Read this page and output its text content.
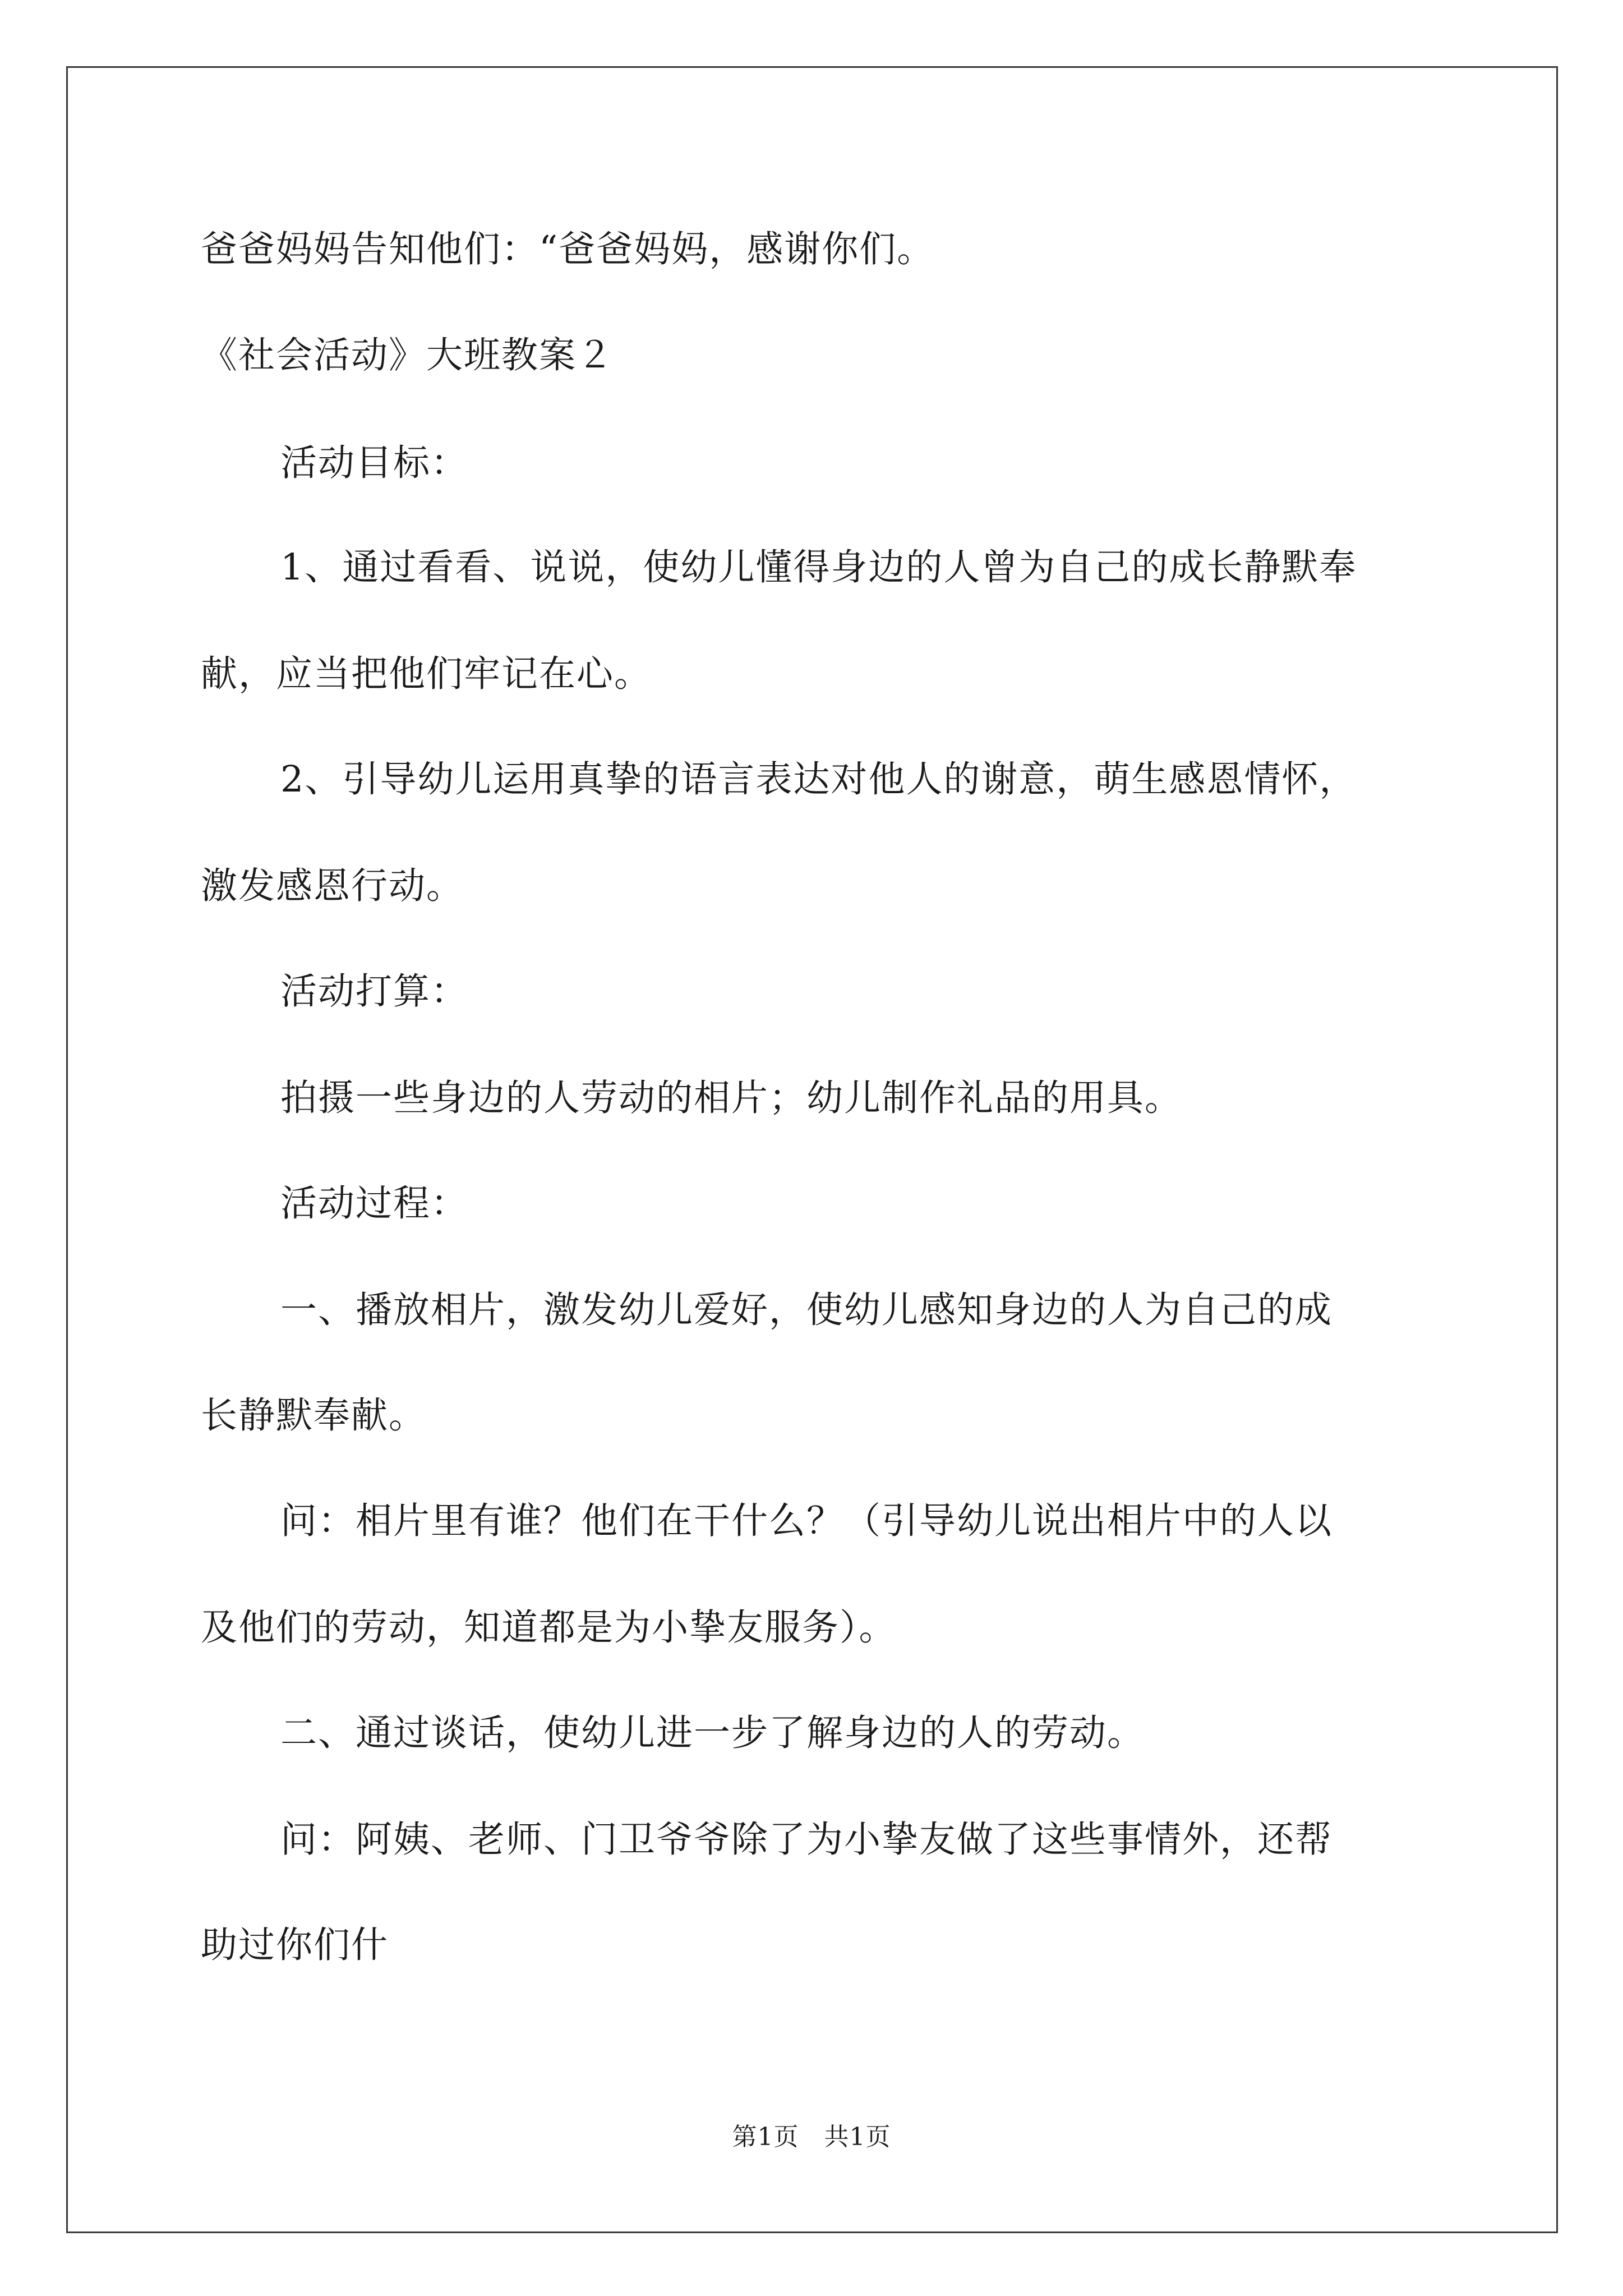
爸爸妈妈告知他们：“爸爸妈妈，感谢你们。
《社会活动》大班教案２
活动目标：
1、通过看看、说说，使幼儿懂得身边的人曾为自己的成长静默奉
献，应当把他们牢记在心。
2、引导幼儿运用真挚的语言表达对他人的谢意，萌生感恩情怀，
激发感恩行动。
活动打算：
拍摄一些身边的人劳动的相片；幼儿制作礼品的用具。
活动过程：
一、播放相片，激发幼儿爱好，使幼儿感知身边的人为自己的成
长静默奉献。
问：相片里有谁？他们在干什么？（引导幼儿说出相片中的人以
及他们的劳动，知道都是为小挚友服务）。
二、通过谈话，使幼儿进一步了解身边的人的劳动。
问：阿姨、老师、门卫爷爷除了为小挚友做了这些事情外，还帮
助过你们什
第1页　共1页
